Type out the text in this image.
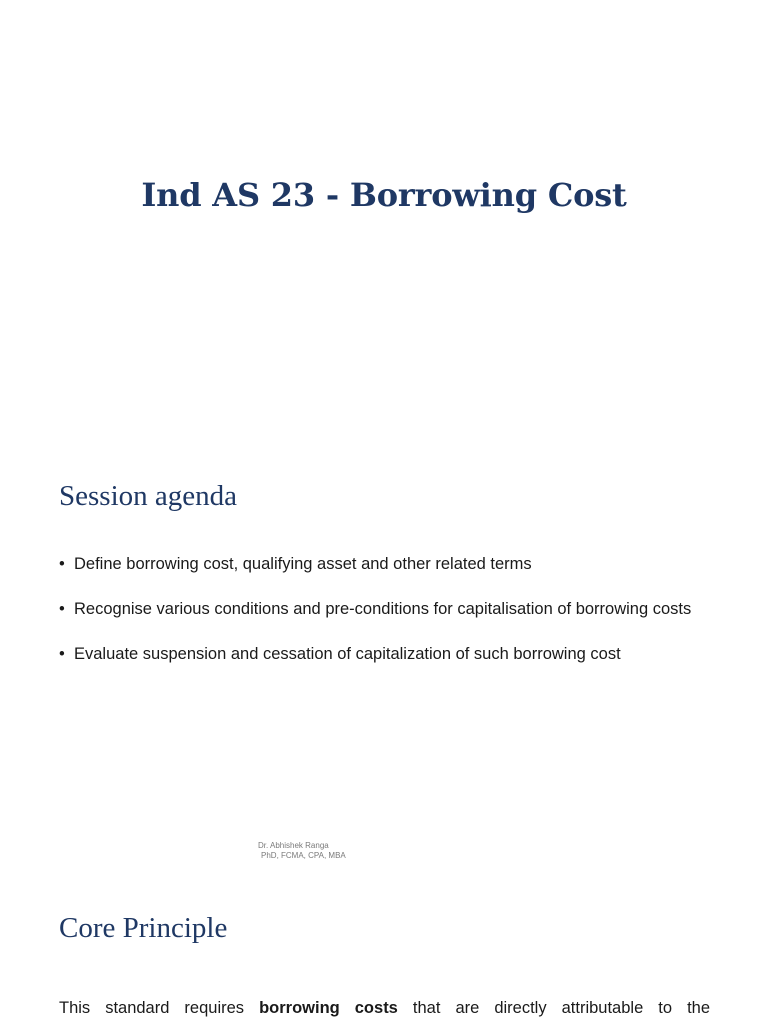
Ind AS 23 - Borrowing Cost
Session agenda
• Define borrowing cost, qualifying asset and other related terms
• Recognise various conditions and pre-conditions for capitalisation of borrowing costs
• Evaluate suspension and cessation of capitalization of such borrowing cost
Dr. Abhishek Ranga
PhD, FCMA, CPA, MBA
Core Principle

This standard requires borrowing costs that are directly attributable to the
